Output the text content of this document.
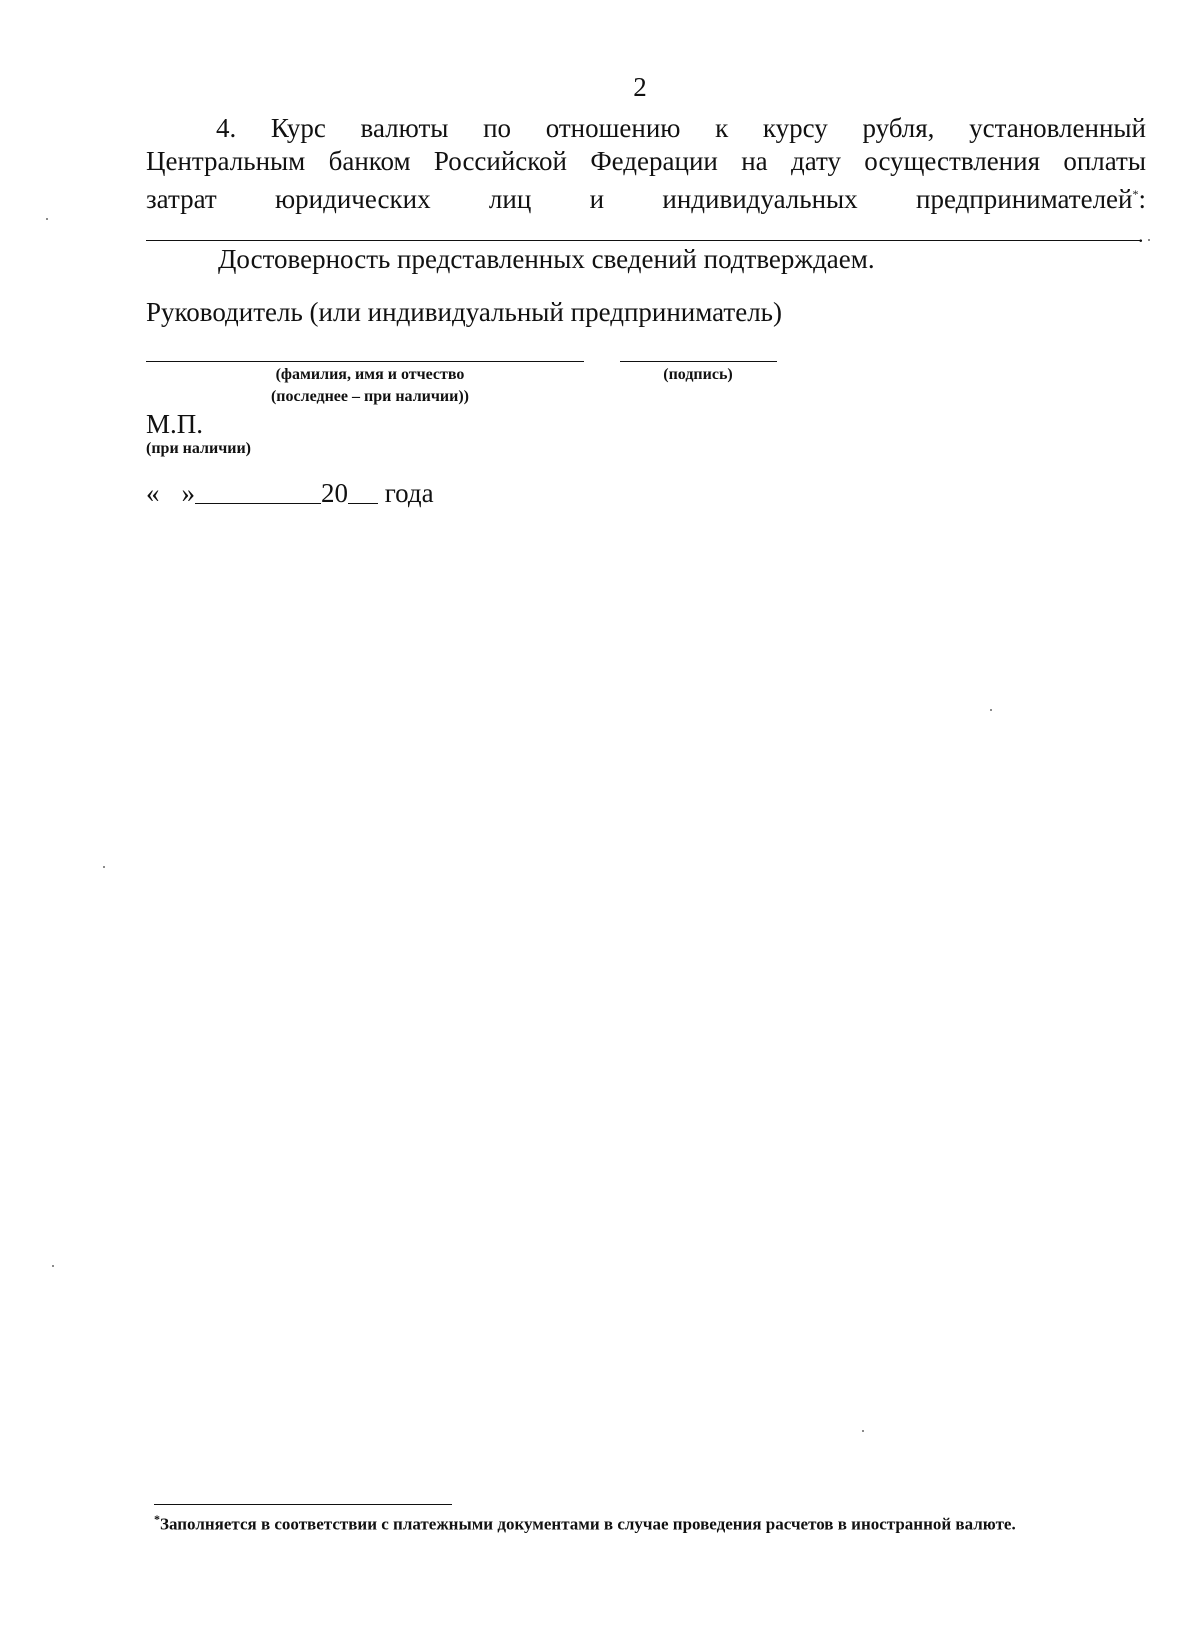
2
4. Курс валюты по отношению к курсу рубля, установленный
Центральным банком Российской Федерации на дату осуществления оплаты
затрат юридических лиц и индивидуальных предпринимателей*:
.
Достоверность представленных сведений подтверждаем.
Руководитель (или индивидуальный предприниматель)
(фамилия, имя и отчество
(последнее – при наличии))
(подпись)
М.П.
(при наличии)
« »	20 года
*Заполняется в соответствии с платежными документами в случае проведения расчетов в иностранной валюте.
